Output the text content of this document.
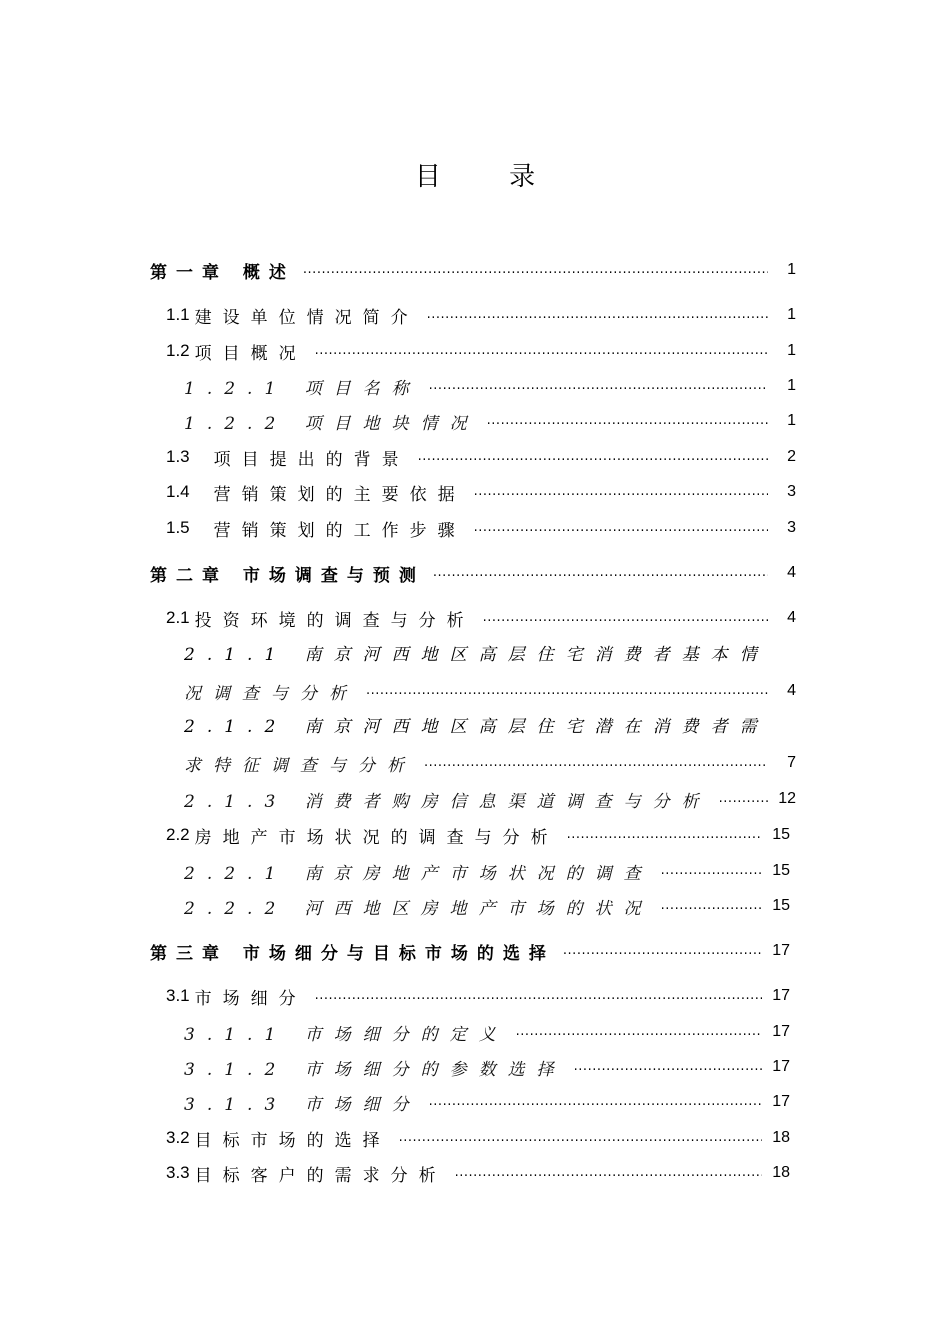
目 录
第一章 概述 .....	1
1.1 建设单位情况简介 .....	1
1.2 项目概况 .....	1
1.2.1 项目名称 .....	1
1.2.2 项目地块情况 .....	1
1.3 项目提出的背景 .....	2
1.4 营销策划的主要依据 .....	3
1.5 营销策划的工作步骤 .....	3
第二章 市场调查与预测 .....	4
2.1 投资环境的调查与分析 .....	4
2.1.1 南京河西地区高层住宅消费者基本情
况调查与分析 .....	4
2.1.2 南京河西地区高层住宅潜在消费者需
求特征调查与分析 .....	7
2.1.3 消费者购房信息渠道调查与分析 .....	12
2.2 房地产市场状况的调查与分析 .....	15
2.2.1 南京房地产市场状况的调查 .....	15
2.2.2 河西地区房地产市场的状况 .....	15
第三章 市场细分与目标市场的选择 .....	17
3.1 市场细分 .....	17
3.1.1 市场细分的定义 .....	17
3.1.2 市场细分的参数选择 .....	17
3.1.3 市场细分 .....	17
3.2 目标市场的选择 .....	18
3.3 目标客户的需求分析 .....	18
